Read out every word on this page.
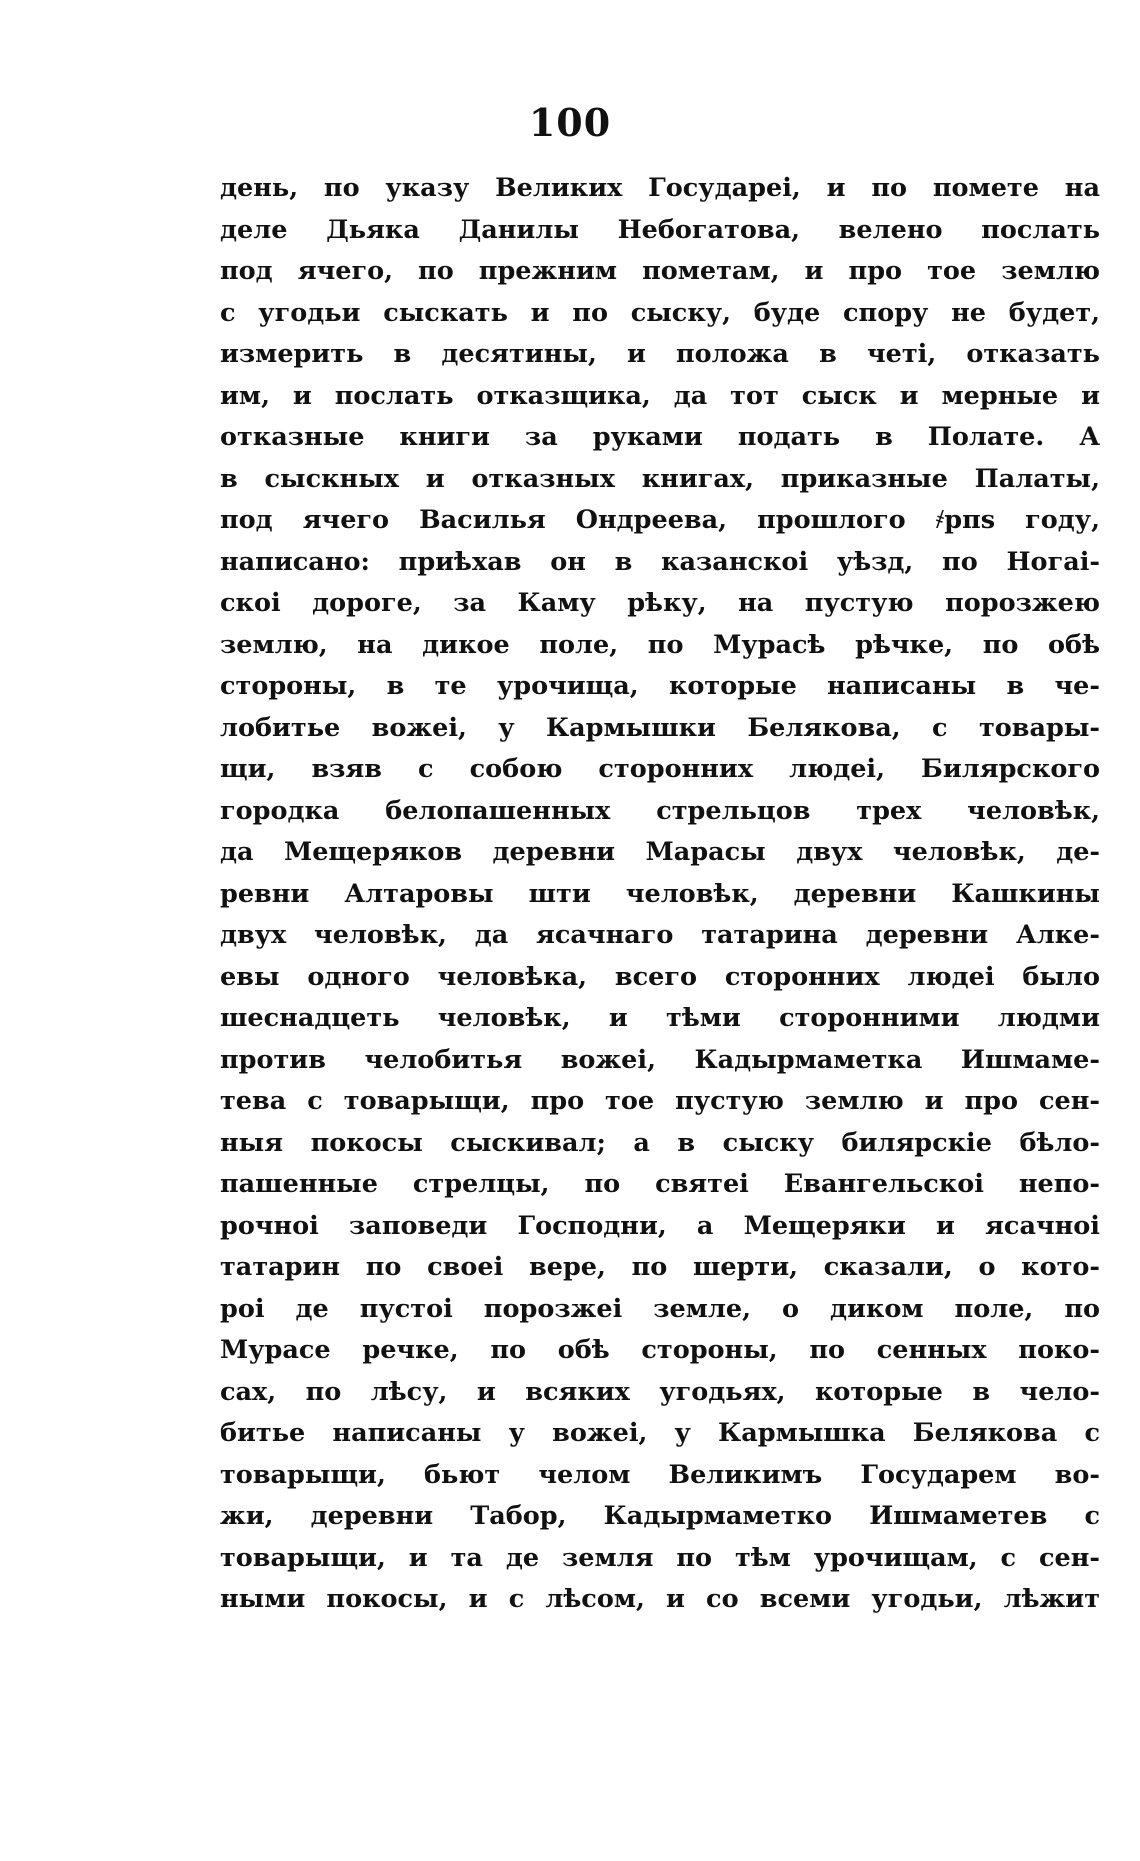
100
день, по указу Великих Государеі, и по помете на
деле Дьяка Данилы Небогатова, велено послать
под ячего, по прежним пометам, и про тое землю
с угодьи сыскать и по сыску, буде спору не будет,
измерить в десятины, и положа в четі, отказать
им, и послать отказщика, да тот сыск и мерные и
отказные книги за руками подать в Полате. А
в сыскных и отказных книгах, приказные Палаты,
под ячего Василья Ондреева, прошлого ҂рпѕ году,
написано: приѣхав он в казанскоі уѣзд, по Ногаі-
скоі дороге, за Каму рѣку, на пустую порозжею
землю, на дикое поле, по Мурасѣ рѣчке, по обѣ
стороны, в те урочища, которые написаны в че-
лобитье вожеі, у Кармышки Белякова, с товары-
щи, взяв с собою сторонних людеі, Билярского
городка белопашенных стрельцов трех человѣк,
да Мещеряков деревни Марасы двух человѣк, де-
ревни Алтаровы шти человѣк, деревни Кашкины
двух человѣк, да ясачнаго татарина деревни Алке-
евы одного человѣка, всего сторонних людеі было
шеснадцеть человѣк, и тѣми сторонними людми
против челобитья вожеі, Кадырмаметка Ишмаме-
тева с товарыщи, про тое пустую землю и про сен-
ныя покосы сыскивал; а в сыску билярскіе бѣло-
пашенные стрелцы, по святеі Евангельскоі непо-
рочноі заповеди Господни, а Мещеряки и ясачноі
татарин по своеі вере, по шерти, сказали, о кото-
роі де пустоі порозжеі земле, о диком поле, по
Мурасе речке, по обѣ стороны, по сенных поко-
сах, по лѣсу, и всяких угодьях, которые в чело-
битье написаны у вожеі, у Кармышка Белякова с
товарыщи, бьют челом Великимъ Государем во-
жи, деревни Табор, Кадырмаметко Ишмаметев с
товарыщи, и та де земля по тѣм урочищам, с сен-
ными покосы, и с лѣсом, и со всеми угодьи, лѣжит
